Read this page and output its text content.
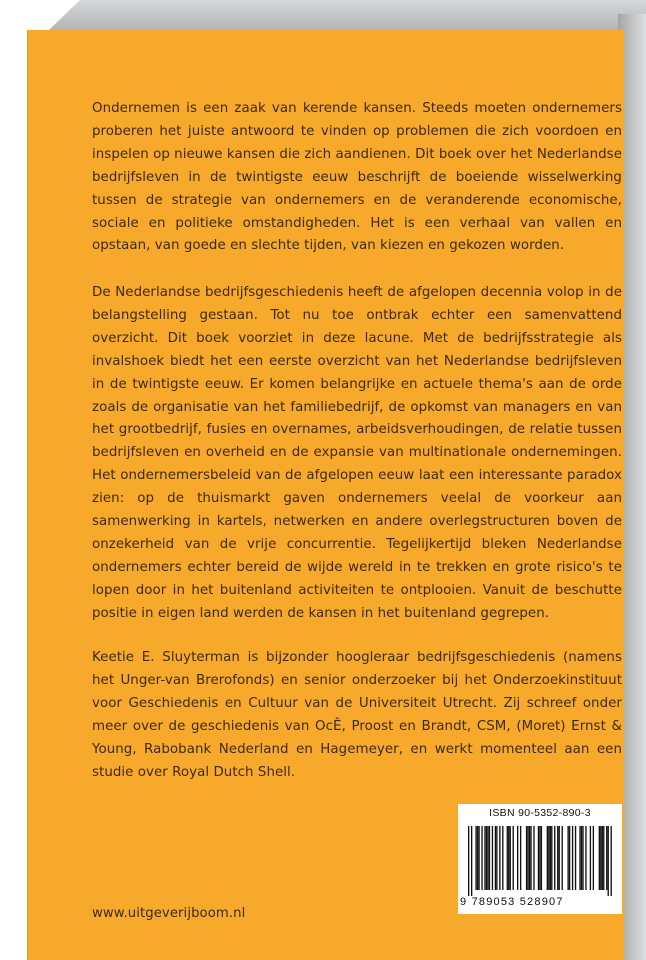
Ondernemen is een zaak van kerende kansen. Steeds moeten ondernemers proberen het juiste antwoord te vinden op problemen die zich voordoen en inspelen op nieuwe kansen die zich aandienen. Dit boek over het Nederlandse bedrijfsleven in de twintigste eeuw beschrijft de boeiende wisselwerking tussen de strategie van ondernemers en de veranderende economische, sociale en politieke omstandigheden. Het is een verhaal van vallen en opstaan, van goede en slechte tijden, van kiezen en gekozen worden.

De Nederlandse bedrijfsgeschiedenis heeft de afgelopen decennia volop in de belangstelling gestaan. Tot nu toe ontbrak echter een samenvattend overzicht. Dit boek voorziet in deze lacune. Met de bedrijfsstrategie als invalshoek biedt het een eerste overzicht van het Nederlandse bedrijfsleven in de twintigste eeuw. Er komen belangrijke en actuele thema's aan de orde zoals de organisatie van het familiebedrijf, de opkomst van managers en van het grootbedrijf, fusies en overnames, arbeidsverhoudingen, de relatie tussen bedrijfsleven en overheid en de expansie van multinationale ondernemingen. Het ondernemersbeleid van de afgelopen eeuw laat een interessante paradox zien: op de thuismarkt gaven ondernemers veelal de voorkeur aan samenwerking in kartels, netwerken en andere overlegstructuren boven de onzekerheid van de vrije concurrentie. Tegelijkertijd bleken Nederlandse ondernemers echter bereid de wijde wereld in te trekken en grote risico's te lopen door in het buitenland activiteiten te ontplooien. Vanuit de beschutte positie in eigen land werden de kansen in het buitenland gegrepen.

Keetie E. Sluyterman is bijzonder hoogleraar bedrijfsgeschiedenis (namens het Unger-van Brerofonds) en senior onderzoeker bij het Onderzoekinstituut voor Geschiedenis en Cultuur van de Universiteit Utrecht. Zij schreef onder meer over de geschiedenis van OcÊ, Proost en Brandt, CSM, (Moret) Ernst & Young, Rabobank Nederland en Hagemeyer, en werkt momenteel aan een studie over Royal Dutch Shell.

ISBN 90-5352-890-3
9 789053 528907
www.uitgeverijboom.nl
